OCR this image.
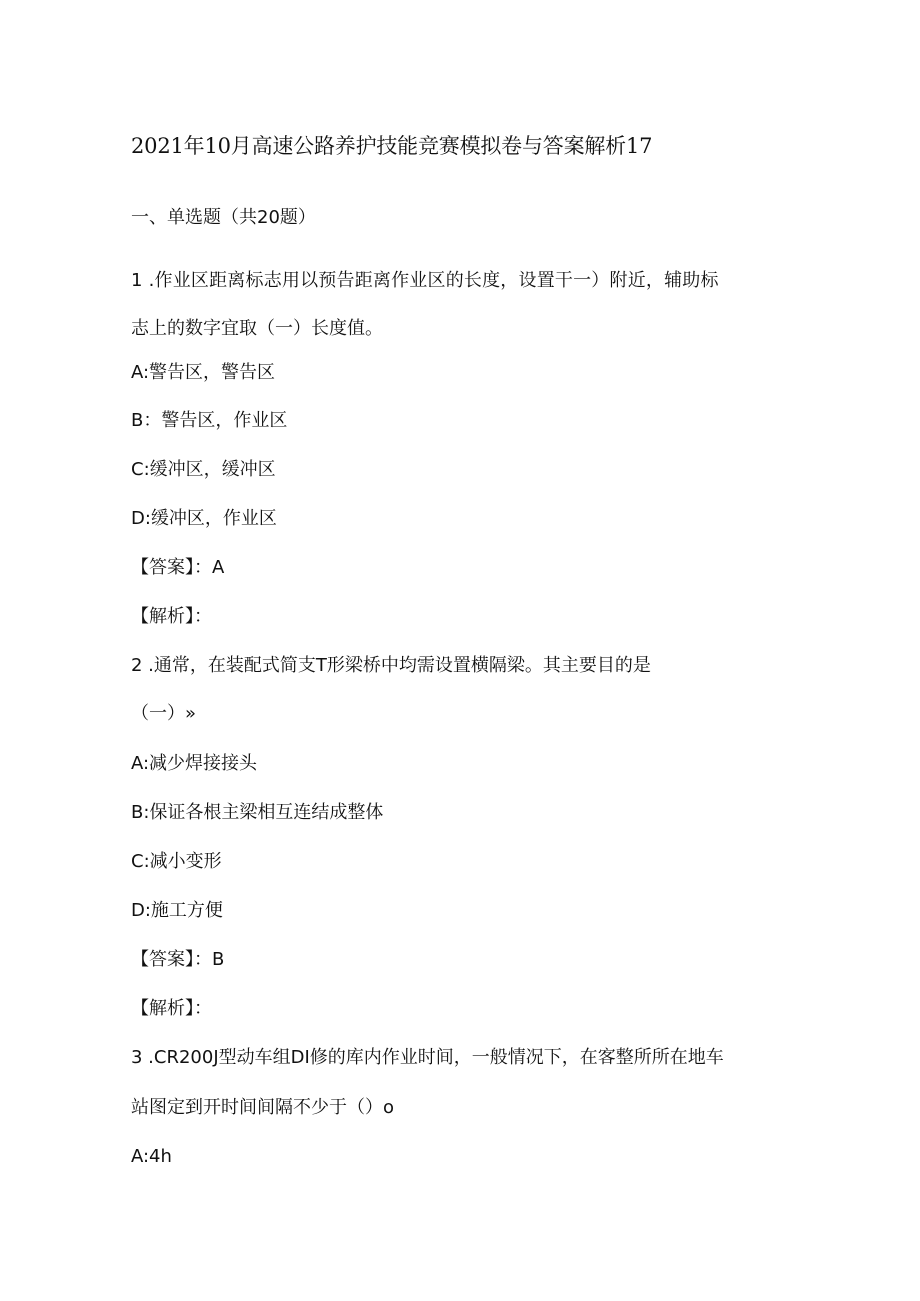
2021年10月高速公路养护技能竞赛模拟卷与答案解析17
一、单选题（共20题）
1 .作业区距离标志用以预告距离作业区的长度，设置干一）附近，辅助标
志上的数字宜取（一）长度值。
A:警告区，警告区
B：警告区，作业区
C:缓冲区，缓冲区
D:缓冲区，作业区
【答案】：A
【解析】：
2 .通常，在装配式简支T形梁桥中均需设置横隔梁。其主要目的是
（一）»
A:减少焊接接头
B:保证各根主梁相互连结成整体
C:减小变形
D:施工方便
【答案】：B
【解析】：
3 .CR200J型动车组DI修的库内作业时间，一般情况下，在客整所所在地车
站图定到开时间间隔不少于（）o
A:4h
